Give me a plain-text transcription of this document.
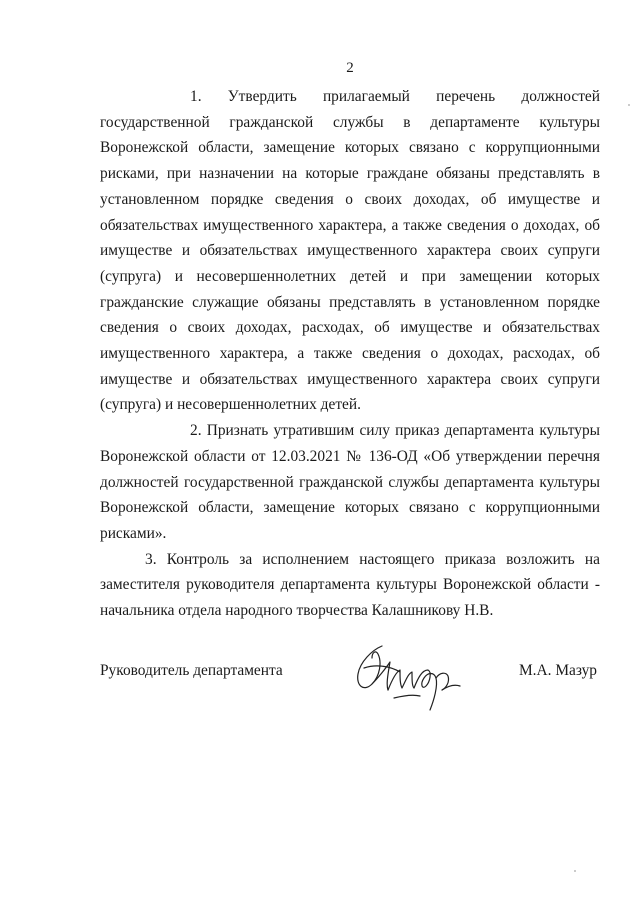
2

1. Утвердить прилагаемый перечень должностей государственной гражданской службы в департаменте культуры Воронежской области, замещение которых связано с коррупционными рисками, при назначении на которые граждане обязаны представлять в установленном порядке сведения о своих доходах, об имуществе и обязательствах имущественного характера, а также сведения о доходах, об имуществе и обязательствах имущественного характера своих супруги (супруга) и несовершеннолетних детей и при замещении которых гражданские служащие обязаны представлять в установленном порядке сведения о своих доходах, расходах, об имуществе и обязательствах имущественного характера, а также сведения о доходах, расходах, об имуществе и обязательствах имущественного характера своих супруги (супруга) и несовершеннолетних детей.

2. Признать утратившим силу приказ департамента культуры Воронежской области от 12.03.2021 № 136-ОД «Об утверждении перечня должностей государственной гражданской службы департамента культуры Воронежской области, замещение которых связано с коррупционными рисками».

3. Контроль за исполнением настоящего приказа возложить на заместителя руководителя департамента культуры Воронежской области - начальника отдела народного творчества Калашникову Н.В.

Руководитель департамента	М.А. Мазур
